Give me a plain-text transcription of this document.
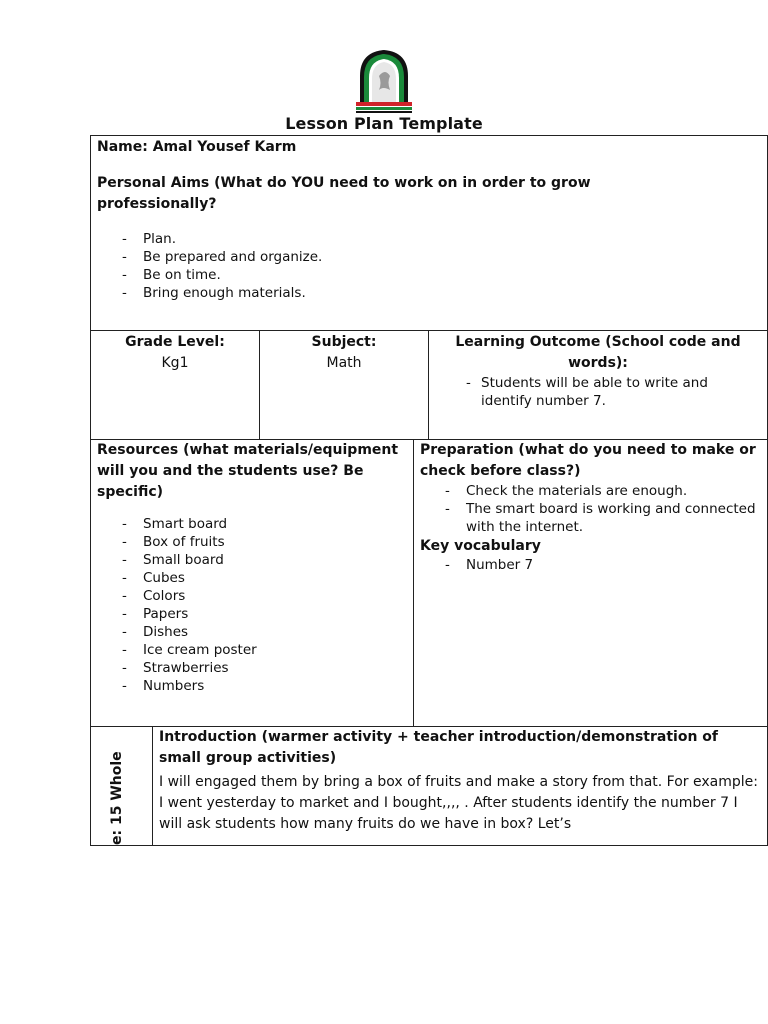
Lesson Plan Template
Name: Amal Yousef Karm
Personal Aims (What do YOU need to work on in order to grow professionally?
- Plan.
- Be prepared and organize.
- Be on time.
- Bring enough materials.
Grade Level:
Kg1
Subject:
Math
Learning Outcome (School code and words):
- Students will be able to write and identify number 7.
Resources (what materials/equipment will you and the students use? Be specific)
- Smart board
- Box of fruits
- Small board
- Cubes
- Colors
- Papers
- Dishes
- Ice cream poster
- Strawberries
- Numbers
Preparation (what do you need to make or check before class?)
- Check the materials are enough.
- The smart board is working and connected with the internet.
Key vocabulary
- Number 7
e: 15 Whole
Introduction (warmer activity + teacher introduction/demonstration of small group activities)
I will engaged them by bring a box of fruits and make a story from that. For example: I went yesterday to market and I bought,,,, . After students identify the number 7 I will ask students how many fruits do we have in box? Let’s
